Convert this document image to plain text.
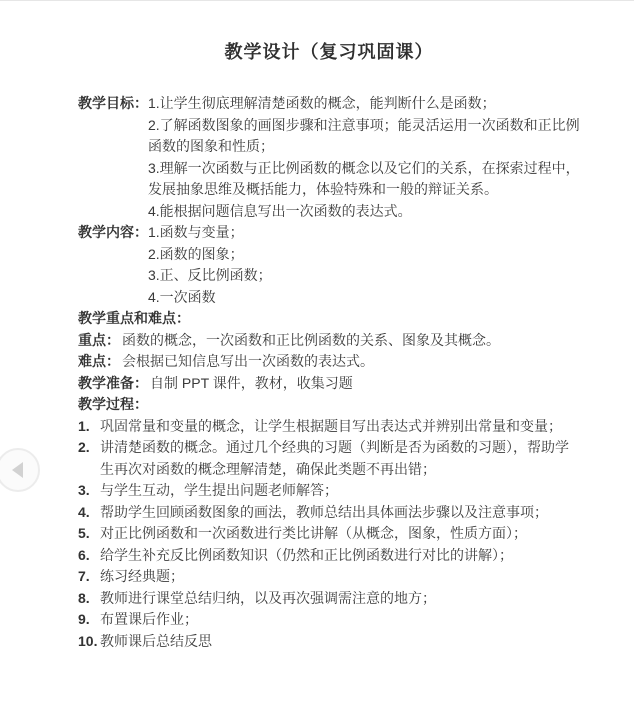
教学设计（复习巩固课）
教学目标： 1.让学生彻底理解清楚函数的概念，能判断什么是函数；
2.了解函数图象的画图步骤和注意事项；能灵活运用一次函数和正比例函数的图象和性质；
3.理解一次函数与正比例函数的概念以及它们的关系，在探索过程中，发展抽象思维及概括能力，体验特殊和一般的辩证关系。
4.能根据问题信息写出一次函数的表达式。
教学内容： 1.函数与变量；
2.函数的图象；
3.正、反比例函数；
4.一次函数
教学重点和难点：
重点： 函数的概念，一次函数和正比例函数的关系、图象及其概念。
难点： 会根据已知信息写出一次函数的表达式。
教学准备： 自制 PPT 课件，教材，收集习题
教学过程：
1. 巩固常量和变量的概念，让学生根据题目写出表达式并辨别出常量和变量；
2. 讲清楚函数的概念。通过几个经典的习题（判断是否为函数的习题），帮助学生再次对函数的概念理解清楚，确保此类题不再出错；
3. 与学生互动，学生提出问题老师解答；
4. 帮助学生回顾函数图象的画法，教师总结出具体画法步骤以及注意事项；
5. 对正比例函数和一次函数进行类比讲解（从概念，图象，性质方面）；
6. 给学生补充反比例函数知识（仍然和正比例函数进行对比的讲解）；
7. 练习经典题；
8. 教师进行课堂总结归纳，以及再次强调需注意的地方；
9. 布置课后作业；
10. 教师课后总结反思
